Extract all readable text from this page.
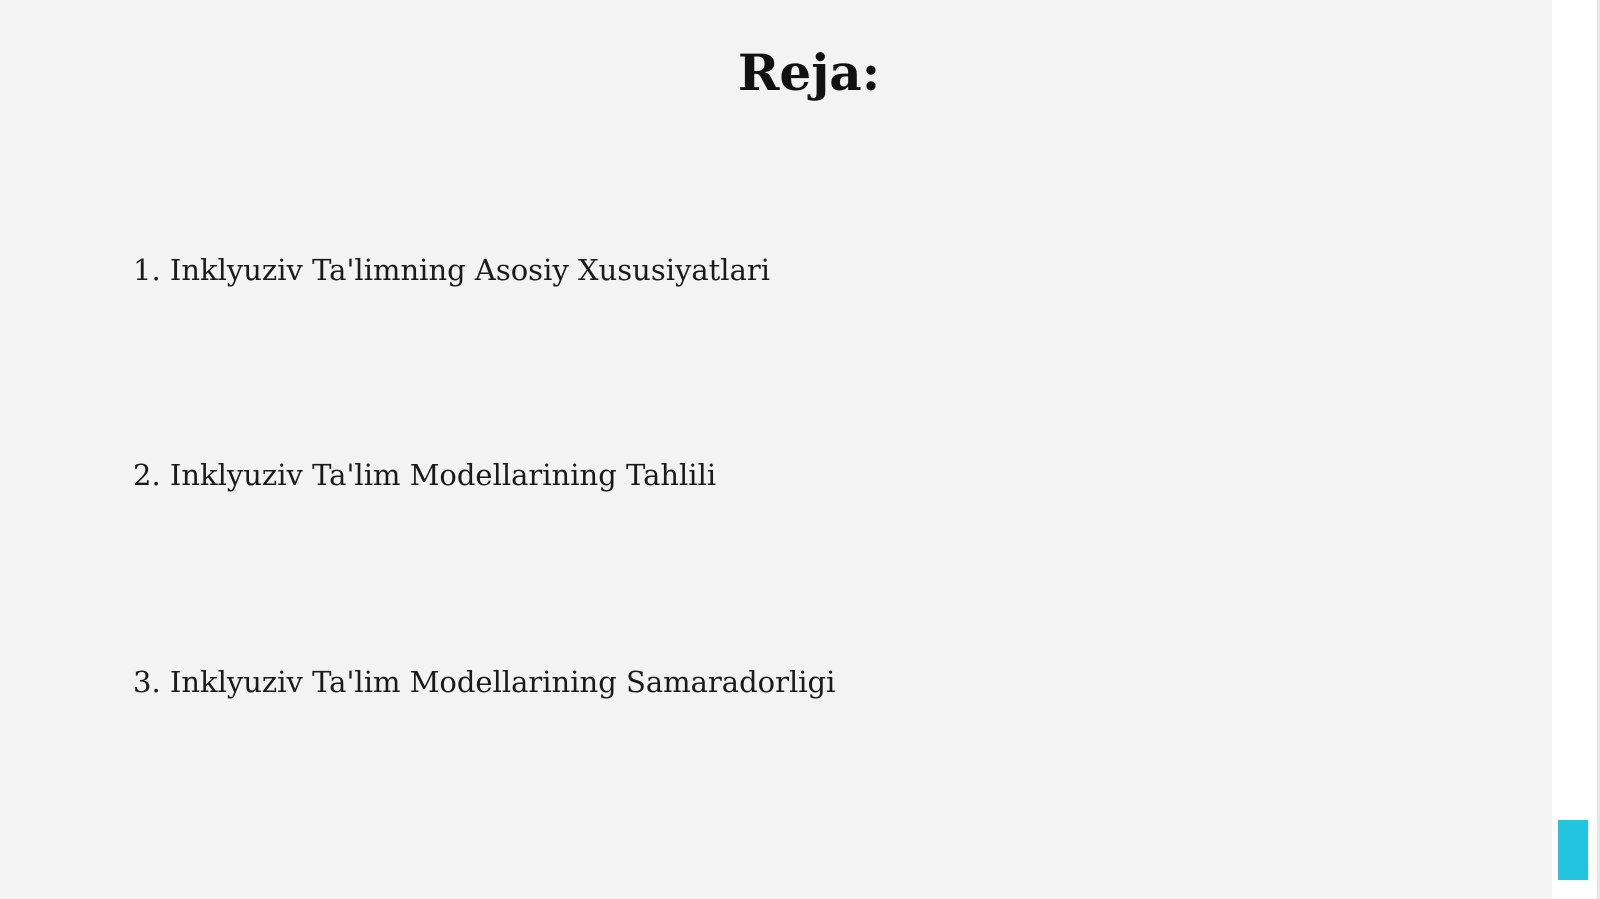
Reja:
1. Inklyuziv Ta'limning Asosiy Xususiyatlari
2. Inklyuziv Ta'lim Modellarining Tahlili
3. Inklyuziv Ta'lim Modellarining Samaradorligi
